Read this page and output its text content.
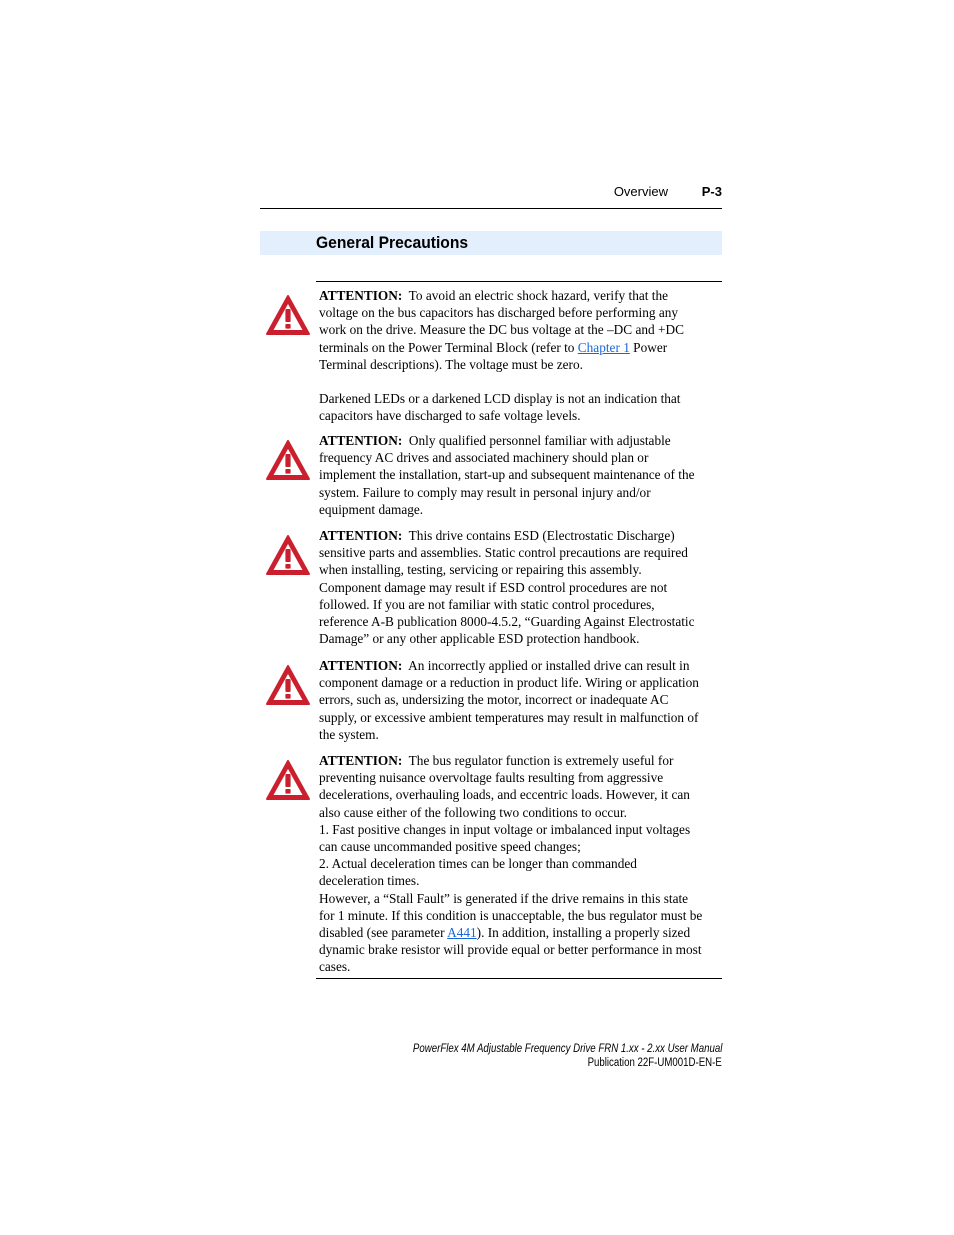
Overview	P-3
General Precautions

ATTENTION: To avoid an electric shock hazard, verify that the

voltage on the bus capacitors has discharged before performing any

work on the drive. Measure the DC bus voltage at the –DC and +DC

terminals on the Power Terminal Block (refer to Chapter 1 Power

Terminal descriptions). The voltage must be zero.

Darkened LEDs or a darkened LCD display is not an indication that

capacitors have discharged to safe voltage levels.

ATTENTION: Only qualified personnel familiar with adjustable

frequency AC drives and associated machinery should plan or

implement the installation, start-up and subsequent maintenance of the

system. Failure to comply may result in personal injury and/or

equipment damage.

ATTENTION: This drive contains ESD (Electrostatic Discharge)

sensitive parts and assemblies. Static control precautions are required

when installing, testing, servicing or repairing this assembly.

Component damage may result if ESD control procedures are not

followed. If you are not familiar with static control procedures,

reference A-B publication 8000-4.5.2, “Guarding Against Electrostatic

Damage” or any other applicable ESD protection handbook.

ATTENTION: An incorrectly applied or installed drive can result in

component damage or a reduction in product life. Wiring or application

errors, such as, undersizing the motor, incorrect or inadequate AC

supply, or excessive ambient temperatures may result in malfunction of

the system.

ATTENTION: The bus regulator function is extremely useful for

preventing nuisance overvoltage faults resulting from aggressive

decelerations, overhauling loads, and eccentric loads. However, it can

also cause either of the following two conditions to occur.

1. Fast positive changes in input voltage or imbalanced input voltages

can cause uncommanded positive speed changes;

2. Actual deceleration times can be longer than commanded

deceleration times.

However, a “Stall Fault” is generated if the drive remains in this state

for 1 minute. If this condition is unacceptable, the bus regulator must be

disabled (see parameter A441). In addition, installing a properly sized

dynamic brake resistor will provide equal or better performance in most

cases.

PowerFlex 4M Adjustable Frequency Drive FRN 1.xx - 2.xx User Manual
Publication 22F-UM001D-EN-E
